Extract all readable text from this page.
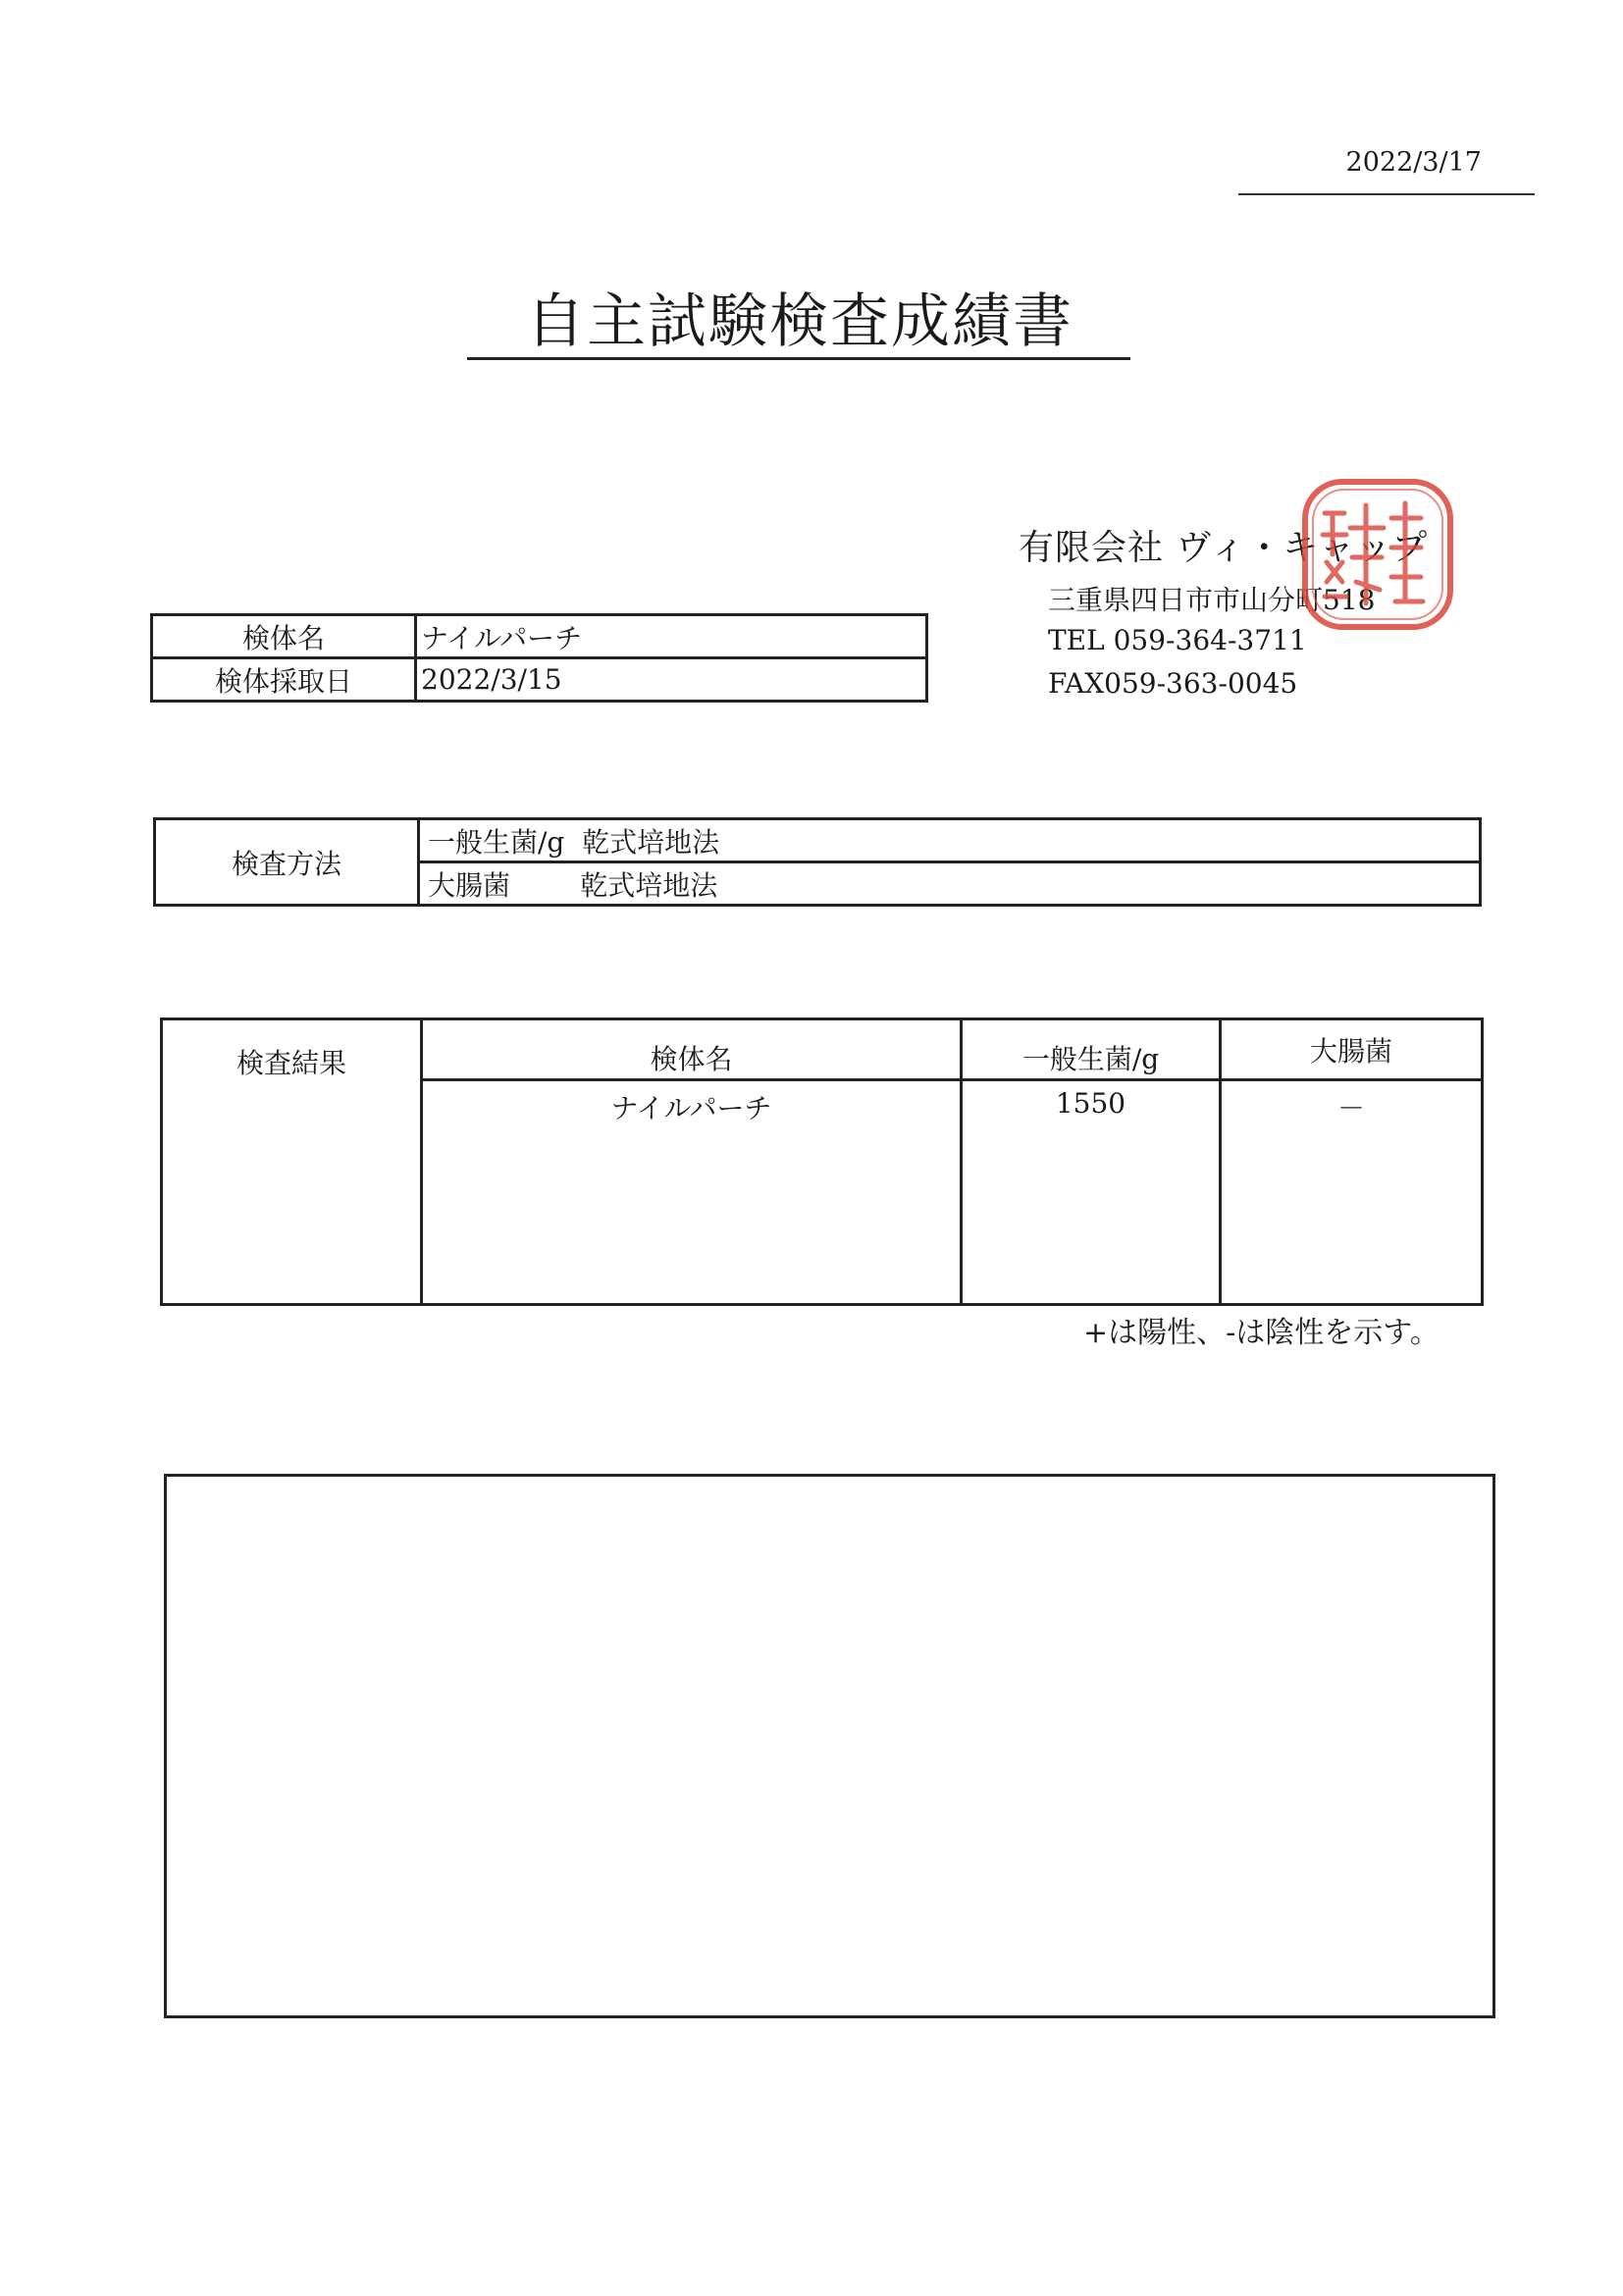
2022/3/17
自主試験検査成績書
有限会社 ヴィ・キャップ
三重県四日市市山分町518
TEL 059-364-3711
FAX059-363-0045
検体名	ナイルパーチ
検体採取日	2022/3/15
検査方法	一般生菌/g  乾式培地法
大腸菌        乾式培地法
検査結果	検体名	一般生菌/g	大腸菌
	ナイルパーチ	1550	－
+は陽性、-は陰性を示す。
